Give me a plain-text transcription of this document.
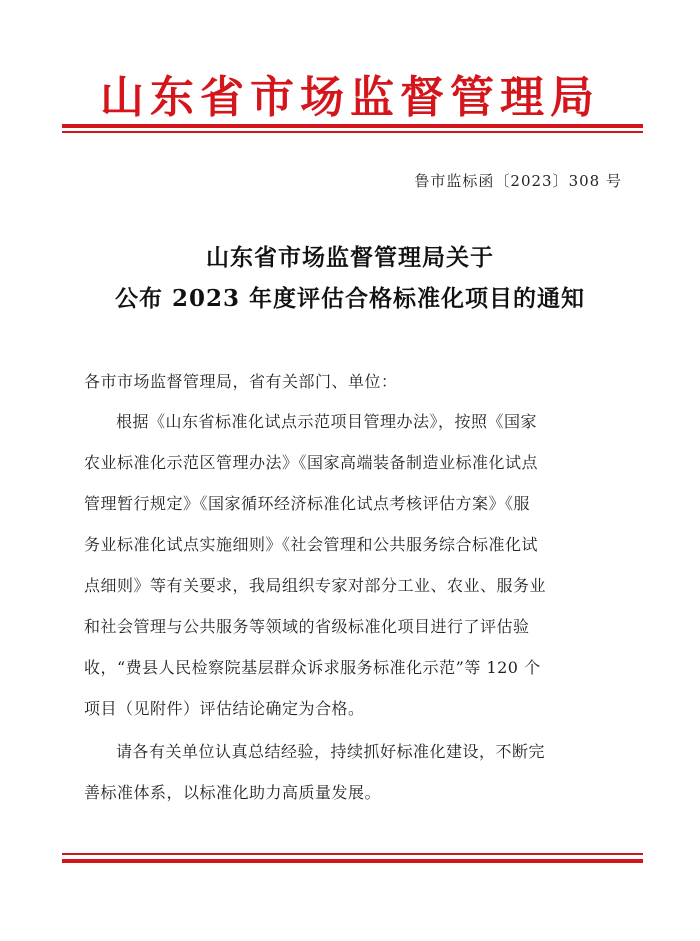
山东省市场监督管理局
鲁市监标函〔2023〕308 号
山东省市场监督管理局关于
公布 2023 年度评估合格标准化项目的通知
各市市场监督管理局，省有关部门、单位：
根据《山东省标准化试点示范项目管理办法》，按照《国家
农业标准化示范区管理办法》《国家高端装备制造业标准化试点
管理暂行规定》《国家循环经济标准化试点考核评估方案》《服
务业标准化试点实施细则》《社会管理和公共服务综合标准化试
点细则》等有关要求，我局组织专家对部分工业、农业、服务业
和社会管理与公共服务等领域的省级标准化项目进行了评估验
收，“费县人民检察院基层群众诉求服务标准化示范”等 120 个
项目（见附件）评估结论确定为合格。
请各有关单位认真总结经验，持续抓好标准化建设，不断完
善标准体系，以标准化助力高质量发展。
